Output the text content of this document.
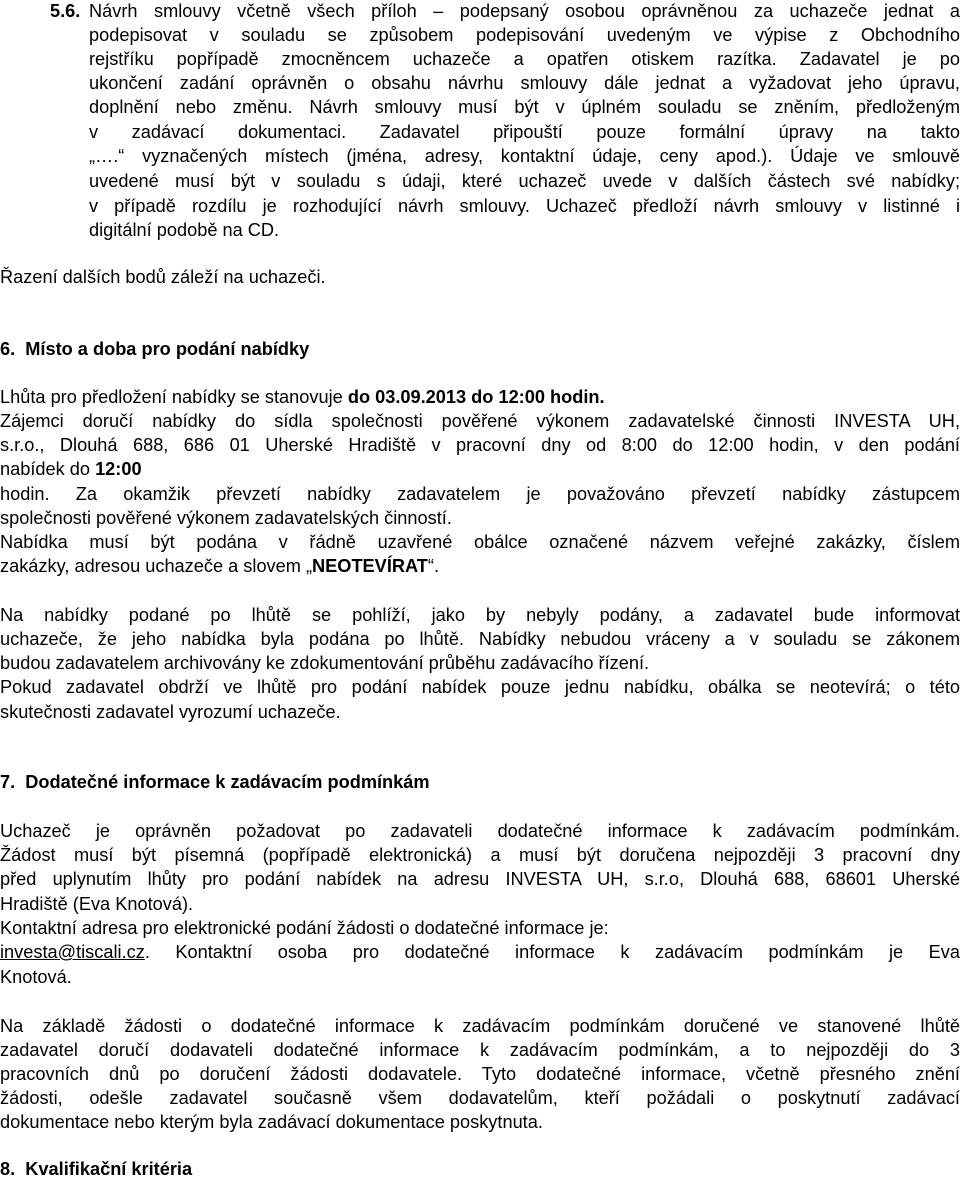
5.6. Návrh smlouvy včetně všech příloh – podepsaný osobou oprávněnou za uchazeče jednat a
podepisovat v souladu se způsobem podepisování uvedeným ve výpise z Obchodního
rejstříku popřípadě zmocněncem uchazeče a opatřen otiskem razítka. Zadavatel je po
ukončení zadání oprávněn o obsahu návrhu smlouvy dále jednat a vyžadovat jeho úpravu,
doplnění nebo změnu. Návrh smlouvy musí být v úplném souladu se zněním, předloženým
v zadávací dokumentaci. Zadavatel připouští pouze formální úpravy na takto
„….“ vyznačených místech (jména, adresy, kontaktní údaje, ceny apod.). Údaje ve smlouvě
uvedené musí být v souladu s údaji, které uchazeč uvede v dalších částech své nabídky;
v případě rozdílu je rozhodující návrh smlouvy. Uchazeč předloží návrh smlouvy v listinné i
digitální podobě na CD.
Řazení dalších bodů záleží na uchazeči.
6.  Místo a doba pro podání nabídky
Lhůta pro předložení nabídky se stanovuje do 03.09.2013 do 12:00 hodin.
Zájemci doručí nabídky do sídla společnosti pověřené výkonem zadavatelské činnosti INVESTA UH,
s.r.o., Dlouhá 688, 686 01 Uherské Hradiště v pracovní dny od 8:00 do 12:00 hodin, v den podání
nabídek do 12:00
hodin. Za okamžik převzetí nabídky zadavatelem je považováno převzetí nabídky zástupcem
společnosti pověřené výkonem zadavatelských činností.
Nabídka musí být podána v řádně uzavřené obálce označené názvem veřejné zakázky, číslem
zakázky, adresou uchazeče a slovem „NEOTEVÍRAT“.
Na nabídky podané po lhůtě se pohlíží, jako by nebyly podány, a zadavatel bude informovat
uchazeče, že jeho nabídka byla podána po lhůtě. Nabídky nebudou vráceny a v souladu se zákonem
budou zadavatelem archivovány ke zdokumentování průběhu zadávacího řízení.
Pokud zadavatel obdrží ve lhůtě pro podání nabídek pouze jednu nabídku, obálka se neotevírá; o této
skutečnosti zadavatel vyrozumí uchazeče.
7.  Dodatečné informace k zadávacím podmínkám
Uchazeč je oprávněn požadovat po zadavateli dodatečné informace k zadávacím podmínkám.
Žádost musí být písemná (popřípadě elektronická) a musí být doručena nejpozději 3 pracovní dny
před uplynutím lhůty pro podání nabídek na adresu INVESTA UH, s.r.o, Dlouhá 688, 68601 Uherské
Hradiště (Eva Knotová).
Kontaktní adresa pro elektronické podání žádosti o dodatečné informace je:
investa@tiscali.cz. Kontaktní osoba pro dodatečné informace k zadávacím podmínkám je Eva
Knotová.
Na základě žádosti o dodatečné informace k zadávacím podmínkám doručené ve stanovené lhůtě
zadavatel doručí dodavateli dodatečné informace k zadávacím podmínkám, a to nejpozději do 3
pracovních dnů po doručení žádosti dodavatele. Tyto dodatečné informace, včetně přesného znění
žádosti, odešle zadavatel současně všem dodavatelům, kteří požádali o poskytnutí zadávací
dokumentace nebo kterým byla zadávací dokumentace poskytnuta.
8.  Kvalifikační kritéria
